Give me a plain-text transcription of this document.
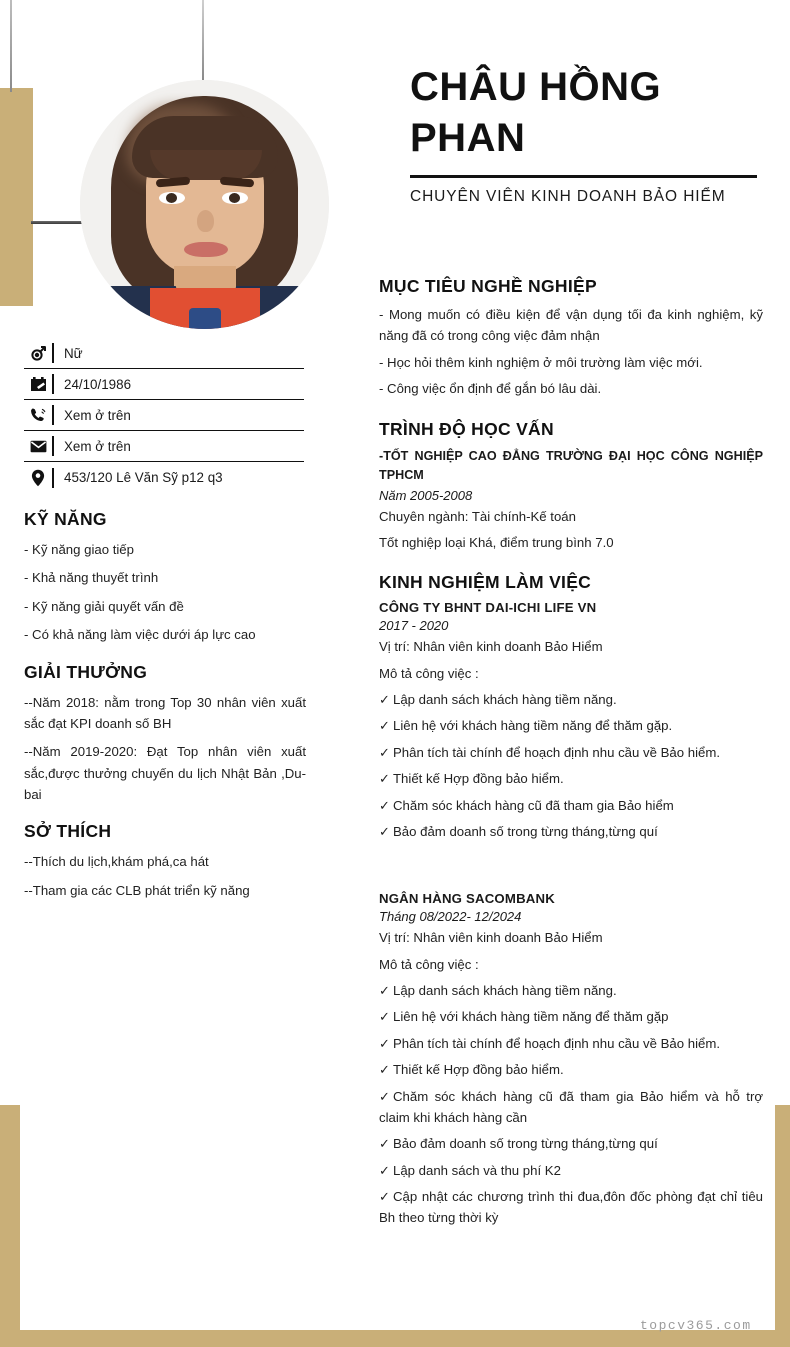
CHÂU HỒNG PHAN
CHUYÊN VIÊN KINH DOANH BẢO HIỂM
Nữ
24/10/1986
Xem ở trên
Xem ở trên
453/120 Lê Văn Sỹ p12 q3
KỸ NĂNG

- Kỹ năng giao tiếp

- Khả năng thuyết trình

- Kỹ năng giải quyết vấn đề

- Có khả năng làm việc dưới áp lực cao

GIẢI THƯỞNG

--Năm 2018: nằm trong Top 30 nhân viên xuất sắc đạt KPI doanh số BH

--Năm 2019-2020: Đạt Top nhân viên xuất sắc,được thưởng chuyến du lịch Nhật Bản ,Du-bai

SỞ THÍCH

--Thích du lịch,khám phá,ca hát

--Tham gia các CLB phát triển kỹ năng

MỤC TIÊU NGHỀ NGHIỆP

- Mong muốn có điều kiện để vận dụng tối đa kinh nghiệm, kỹ năng đã có trong công việc đảm nhận

- Học hỏi thêm kinh nghiệm ở môi trường làm việc mới.

- Công việc ổn định để gắn bó lâu dài.

TRÌNH ĐỘ HỌC VẤN
-TỐT NGHIỆP CAO ĐẲNG TRƯỜNG ĐẠI HỌC CÔNG NGHIỆP TPHCM
Năm 2005-2008

Chuyên ngành: Tài chính-Kế toán

Tốt nghiệp loại Khá, điểm trung bình 7.0

KINH NGHIỆM LÀM VIỆC
CÔNG TY BHNT DAI-ICHI LIFE VN
2017 - 2020

Vị trí: Nhân viên kinh doanh Bảo Hiểm

Mô tả công việc :

✓ Lập danh sách khách hàng tiềm năng.

✓ Liên hệ với khách hàng tiềm năng để thăm gặp.

✓ Phân tích tài chính để hoạch định nhu cầu về Bảo hiểm.

✓ Thiết kế Hợp đồng bảo hiểm.

✓ Chăm sóc khách hàng cũ đã tham gia Bảo hiểm

✓ Bảo đảm doanh số trong từng tháng,từng quí

NGÂN HÀNG SACOMBANK
Tháng 08/2022- 12/2024

Vị trí: Nhân viên kinh doanh Bảo Hiểm

Mô tả công việc :

✓ Lập danh sách khách hàng tiềm năng.

✓ Liên hệ với khách hàng tiềm năng để thăm gặp

✓ Phân tích tài chính để hoạch định nhu cầu về Bảo hiểm.

✓ Thiết kế Hợp đồng bảo hiểm.

✓ Chăm sóc khách hàng cũ đã tham gia Bảo hiểm và hỗ trợ claim khi khách hàng cần

✓ Bảo đảm doanh số trong từng tháng,từng quí

✓ Lập danh sách và thu phí K2

✓ Cập nhật các chương trình thi đua,đôn đốc phòng đạt chỉ tiêu Bh theo từng thời kỳ

topcv365.com
